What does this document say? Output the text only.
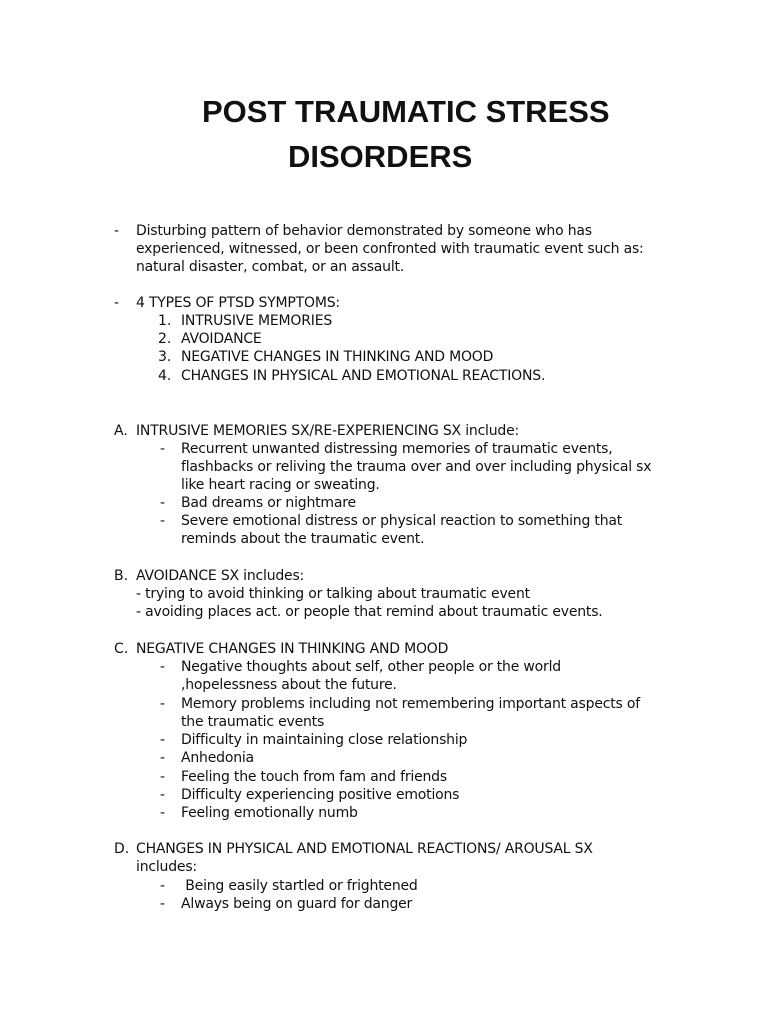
POST TRAUMATIC STRESS
DISORDERS
- Disturbing pattern of behavior demonstrated by someone who has
experienced, witnessed, or been confronted with traumatic event such as:
natural disaster, combat, or an assault.
- 4 TYPES OF PTSD SYMPTOMS:
1. INTRUSIVE MEMORIES
2. AVOIDANCE
3. NEGATIVE CHANGES IN THINKING AND MOOD
4. CHANGES IN PHYSICAL AND EMOTIONAL REACTIONS.
A. INTRUSIVE MEMORIES SX/RE-EXPERIENCING SX include:
- Recurrent unwanted distressing memories of traumatic events,
flashbacks or reliving the trauma over and over including physical sx
like heart racing or sweating.
- Bad dreams or nightmare
- Severe emotional distress or physical reaction to something that
reminds about the traumatic event.
B. AVOIDANCE SX includes:
- trying to avoid thinking or talking about traumatic event
- avoiding places act. or people that remind about traumatic events.
C. NEGATIVE CHANGES IN THINKING AND MOOD
- Negative thoughts about self, other people or the world
,hopelessness about the future.
- Memory problems including not remembering important aspects of
the traumatic events
- Difficulty in maintaining close relationship
- Anhedonia
- Feeling the touch from fam and friends
- Difficulty experiencing positive emotions
- Feeling emotionally numb
D. CHANGES IN PHYSICAL AND EMOTIONAL REACTIONS/ AROUSAL SX
includes:
- Being easily startled or frightened
- Always being on guard for danger
